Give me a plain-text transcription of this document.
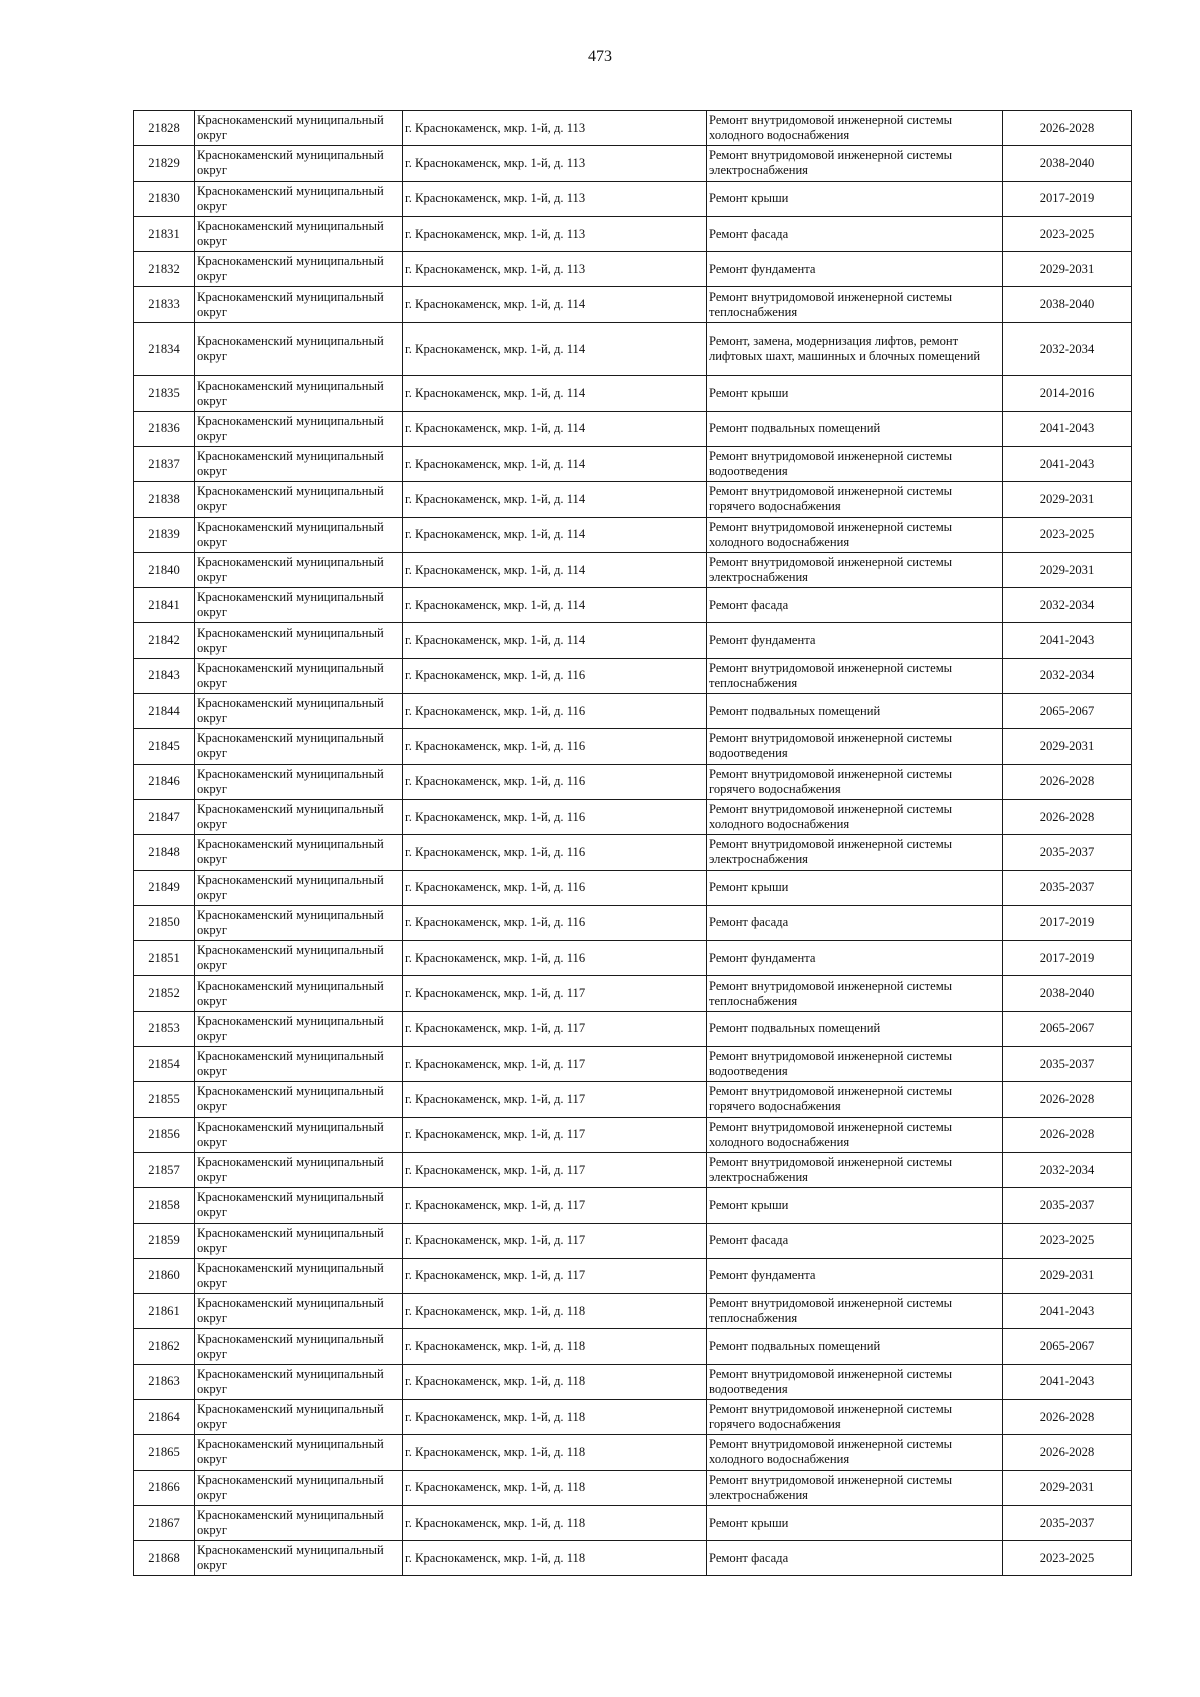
473
21828	Краснокаменский муниципальный округ	г. Краснокаменск, мкр. 1-й, д. 113	Ремонт внутридомовой инженерной системы холодного водоснабжения	2026-2028
21829	Краснокаменский муниципальный округ	г. Краснокаменск, мкр. 1-й, д. 113	Ремонт внутридомовой инженерной системы электроснабжения	2038-2040
21830	Краснокаменский муниципальный округ	г. Краснокаменск, мкр. 1-й, д. 113	Ремонт крыши	2017-2019
21831	Краснокаменский муниципальный округ	г. Краснокаменск, мкр. 1-й, д. 113	Ремонт фасада	2023-2025
21832	Краснокаменский муниципальный округ	г. Краснокаменск, мкр. 1-й, д. 113	Ремонт фундамента	2029-2031
21833	Краснокаменский муниципальный округ	г. Краснокаменск, мкр. 1-й, д. 114	Ремонт внутридомовой инженерной системы теплоснабжения	2038-2040
21834	Краснокаменский муниципальный округ	г. Краснокаменск, мкр. 1-й, д. 114	Ремонт, замена, модернизация лифтов, ремонт лифтовых шахт, машинных и блочных помещений	2032-2034
21835	Краснокаменский муниципальный округ	г. Краснокаменск, мкр. 1-й, д. 114	Ремонт крыши	2014-2016
21836	Краснокаменский муниципальный округ	г. Краснокаменск, мкр. 1-й, д. 114	Ремонт подвальных помещений	2041-2043
21837	Краснокаменский муниципальный округ	г. Краснокаменск, мкр. 1-й, д. 114	Ремонт внутридомовой инженерной системы водоотведения	2041-2043
21838	Краснокаменский муниципальный округ	г. Краснокаменск, мкр. 1-й, д. 114	Ремонт внутридомовой инженерной системы горячего водоснабжения	2029-2031
21839	Краснокаменский муниципальный округ	г. Краснокаменск, мкр. 1-й, д. 114	Ремонт внутридомовой инженерной системы холодного водоснабжения	2023-2025
21840	Краснокаменский муниципальный округ	г. Краснокаменск, мкр. 1-й, д. 114	Ремонт внутридомовой инженерной системы электроснабжения	2029-2031
21841	Краснокаменский муниципальный округ	г. Краснокаменск, мкр. 1-й, д. 114	Ремонт фасада	2032-2034
21842	Краснокаменский муниципальный округ	г. Краснокаменск, мкр. 1-й, д. 114	Ремонт фундамента	2041-2043
21843	Краснокаменский муниципальный округ	г. Краснокаменск, мкр. 1-й, д. 116	Ремонт внутридомовой инженерной системы теплоснабжения	2032-2034
21844	Краснокаменский муниципальный округ	г. Краснокаменск, мкр. 1-й, д. 116	Ремонт подвальных помещений	2065-2067
21845	Краснокаменский муниципальный округ	г. Краснокаменск, мкр. 1-й, д. 116	Ремонт внутридомовой инженерной системы водоотведения	2029-2031
21846	Краснокаменский муниципальный округ	г. Краснокаменск, мкр. 1-й, д. 116	Ремонт внутридомовой инженерной системы горячего водоснабжения	2026-2028
21847	Краснокаменский муниципальный округ	г. Краснокаменск, мкр. 1-й, д. 116	Ремонт внутридомовой инженерной системы холодного водоснабжения	2026-2028
21848	Краснокаменский муниципальный округ	г. Краснокаменск, мкр. 1-й, д. 116	Ремонт внутридомовой инженерной системы электроснабжения	2035-2037
21849	Краснокаменский муниципальный округ	г. Краснокаменск, мкр. 1-й, д. 116	Ремонт крыши	2035-2037
21850	Краснокаменский муниципальный округ	г. Краснокаменск, мкр. 1-й, д. 116	Ремонт фасада	2017-2019
21851	Краснокаменский муниципальный округ	г. Краснокаменск, мкр. 1-й, д. 116	Ремонт фундамента	2017-2019
21852	Краснокаменский муниципальный округ	г. Краснокаменск, мкр. 1-й, д. 117	Ремонт внутридомовой инженерной системы теплоснабжения	2038-2040
21853	Краснокаменский муниципальный округ	г. Краснокаменск, мкр. 1-й, д. 117	Ремонт подвальных помещений	2065-2067
21854	Краснокаменский муниципальный округ	г. Краснокаменск, мкр. 1-й, д. 117	Ремонт внутридомовой инженерной системы водоотведения	2035-2037
21855	Краснокаменский муниципальный округ	г. Краснокаменск, мкр. 1-й, д. 117	Ремонт внутридомовой инженерной системы горячего водоснабжения	2026-2028
21856	Краснокаменский муниципальный округ	г. Краснокаменск, мкр. 1-й, д. 117	Ремонт внутридомовой инженерной системы холодного водоснабжения	2026-2028
21857	Краснокаменский муниципальный округ	г. Краснокаменск, мкр. 1-й, д. 117	Ремонт внутридомовой инженерной системы электроснабжения	2032-2034
21858	Краснокаменский муниципальный округ	г. Краснокаменск, мкр. 1-й, д. 117	Ремонт крыши	2035-2037
21859	Краснокаменский муниципальный округ	г. Краснокаменск, мкр. 1-й, д. 117	Ремонт фасада	2023-2025
21860	Краснокаменский муниципальный округ	г. Краснокаменск, мкр. 1-й, д. 117	Ремонт фундамента	2029-2031
21861	Краснокаменский муниципальный округ	г. Краснокаменск, мкр. 1-й, д. 118	Ремонт внутридомовой инженерной системы теплоснабжения	2041-2043
21862	Краснокаменский муниципальный округ	г. Краснокаменск, мкр. 1-й, д. 118	Ремонт подвальных помещений	2065-2067
21863	Краснокаменский муниципальный округ	г. Краснокаменск, мкр. 1-й, д. 118	Ремонт внутридомовой инженерной системы водоотведения	2041-2043
21864	Краснокаменский муниципальный округ	г. Краснокаменск, мкр. 1-й, д. 118	Ремонт внутридомовой инженерной системы горячего водоснабжения	2026-2028
21865	Краснокаменский муниципальный округ	г. Краснокаменск, мкр. 1-й, д. 118	Ремонт внутридомовой инженерной системы холодного водоснабжения	2026-2028
21866	Краснокаменский муниципальный округ	г. Краснокаменск, мкр. 1-й, д. 118	Ремонт внутридомовой инженерной системы электроснабжения	2029-2031
21867	Краснокаменский муниципальный округ	г. Краснокаменск, мкр. 1-й, д. 118	Ремонт крыши	2035-2037
21868	Краснокаменский муниципальный округ	г. Краснокаменск, мкр. 1-й, д. 118	Ремонт фасада	2023-2025
